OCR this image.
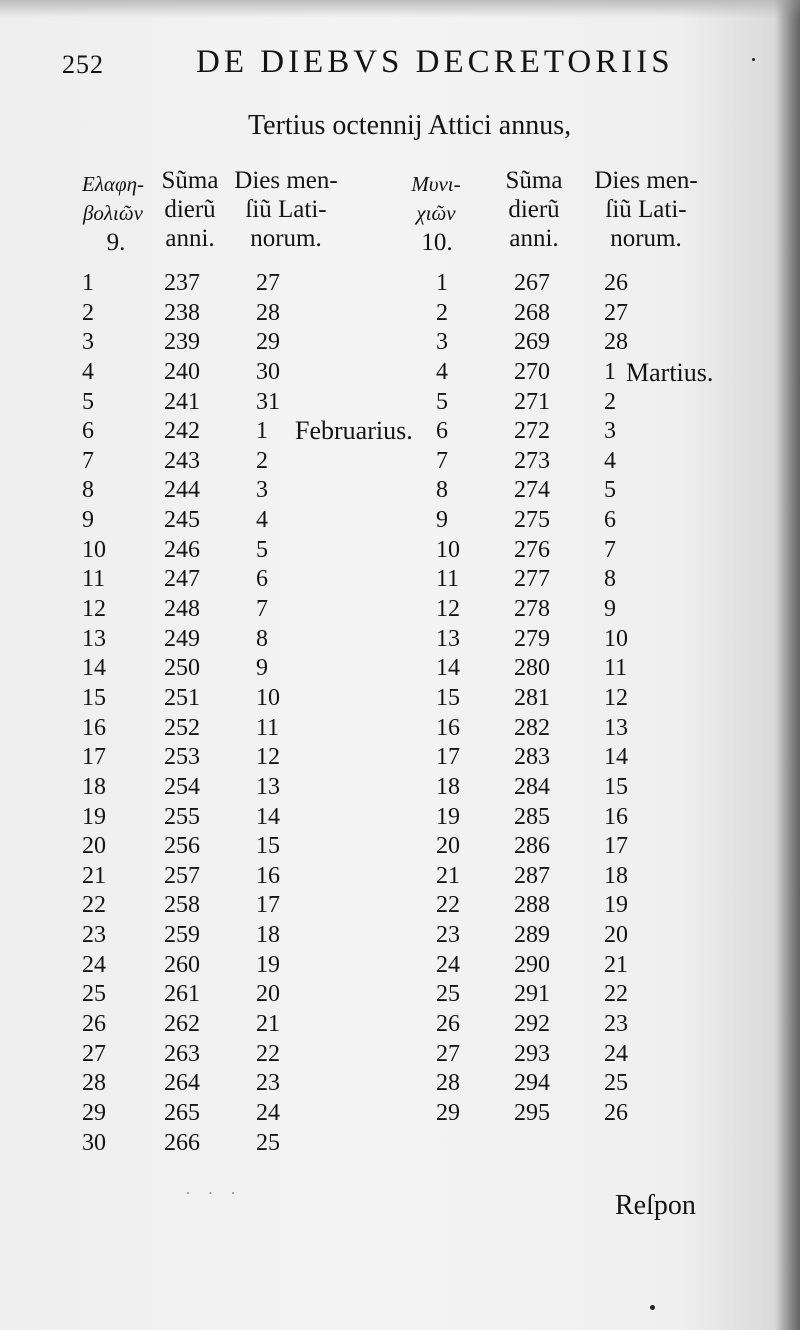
252	DE DIEBVS DECRETORIIS
Tertius octennij Attici annus,
Ελαφη-
βολιῶν
9.
Sũma
dierũ
anni.
Dies men-
ſiũ Lati-
norum.
Μυνι-
χιῶν
10.
Sũma
dierũ
anni.
Dies men-
ſiũ Lati-
norum.
1
2
3
4
5
6
7
8
9
10
11
12
13
14
15
16
17
18
19
20
21
22
23
24
25
26
27
28
29
30
237
238
239
240
241
242
243
244
245
246
247
248
249
250
251
252
253
254
255
256
257
258
259
260
261
262
263
264
265
266
27
28
29
30
31
1
2
3
4
5
6
7
8
9
10
11
12
13
14
15
16
17
18
19
20
21
22
23
24
25
1
2
3
4
5
6
7
8
9
10
11
12
13
14
15
16
17
18
19
20
21
22
23
24
25
26
27
28
29
267
268
269
270
271
272
273
274
275
276
277
278
279
280
281
282
283
284
285
286
287
288
289
290
291
292
293
294
295
26
27
28
1
2
3
4
5
6
7
8
9
10
11
12
13
14
15
16
17
18
19
20
21
22
23
24
25
26
Februarius.
Martius.
· · ·	Reſpon
